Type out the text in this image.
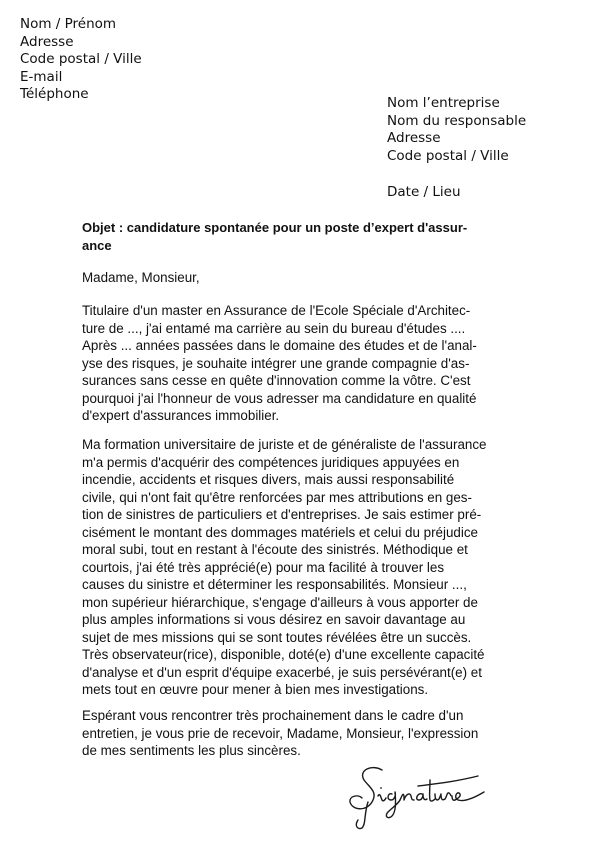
Nom / Prénom
Adresse
Code postal / Ville
E-mail
Téléphone
Nom l’entreprise
Nom du responsable
Adresse
Code postal / Ville
Date / Lieu
Objet : candidature spontanée pour un poste d’expert d'assur-
ance
Madame, Monsieur,
Titulaire d'un master en Assurance de l'Ecole Spéciale d'Architec-
ture de ..., j'ai entamé ma carrière au sein du bureau d'études ....
Après ... années passées dans le domaine des études et de l'anal-
yse des risques, je souhaite intégrer une grande compagnie d'as-
surances sans cesse en quête d'innovation comme la vôtre. C'est
pourquoi j'ai l'honneur de vous adresser ma candidature en qualité
d'expert d'assurances immobilier.
Ma formation universitaire de juriste et de généraliste de l'assurance
m'a permis d'acquérir des compétences juridiques appuyées en
incendie, accidents et risques divers, mais aussi responsabilité
civile, qui n'ont fait qu'être renforcées par mes attributions en ges-
tion de sinistres de particuliers et d'entreprises. Je sais estimer pré-
cisément le montant des dommages matériels et celui du préjudice
moral subi, tout en restant à l'écoute des sinistrés. Méthodique et
courtois, j'ai été très apprécié(e) pour ma facilité à trouver les
causes du sinistre et déterminer les responsabilités. Monsieur ...,
mon supérieur hiérarchique, s'engage d'ailleurs à vous apporter de
plus amples informations si vous désirez en savoir davantage au
sujet de mes missions qui se sont toutes révélées être un succès.
Très observateur(rice), disponible, doté(e) d'une excellente capacité
d'analyse et d'un esprit d'équipe exacerbé, je suis persévérant(e) et
mets tout en œuvre pour mener à bien mes investigations.
Espérant vous rencontrer très prochainement dans le cadre d'un
entretien, je vous prie de recevoir, Madame, Monsieur, l'expression
de mes sentiments les plus sincères.
